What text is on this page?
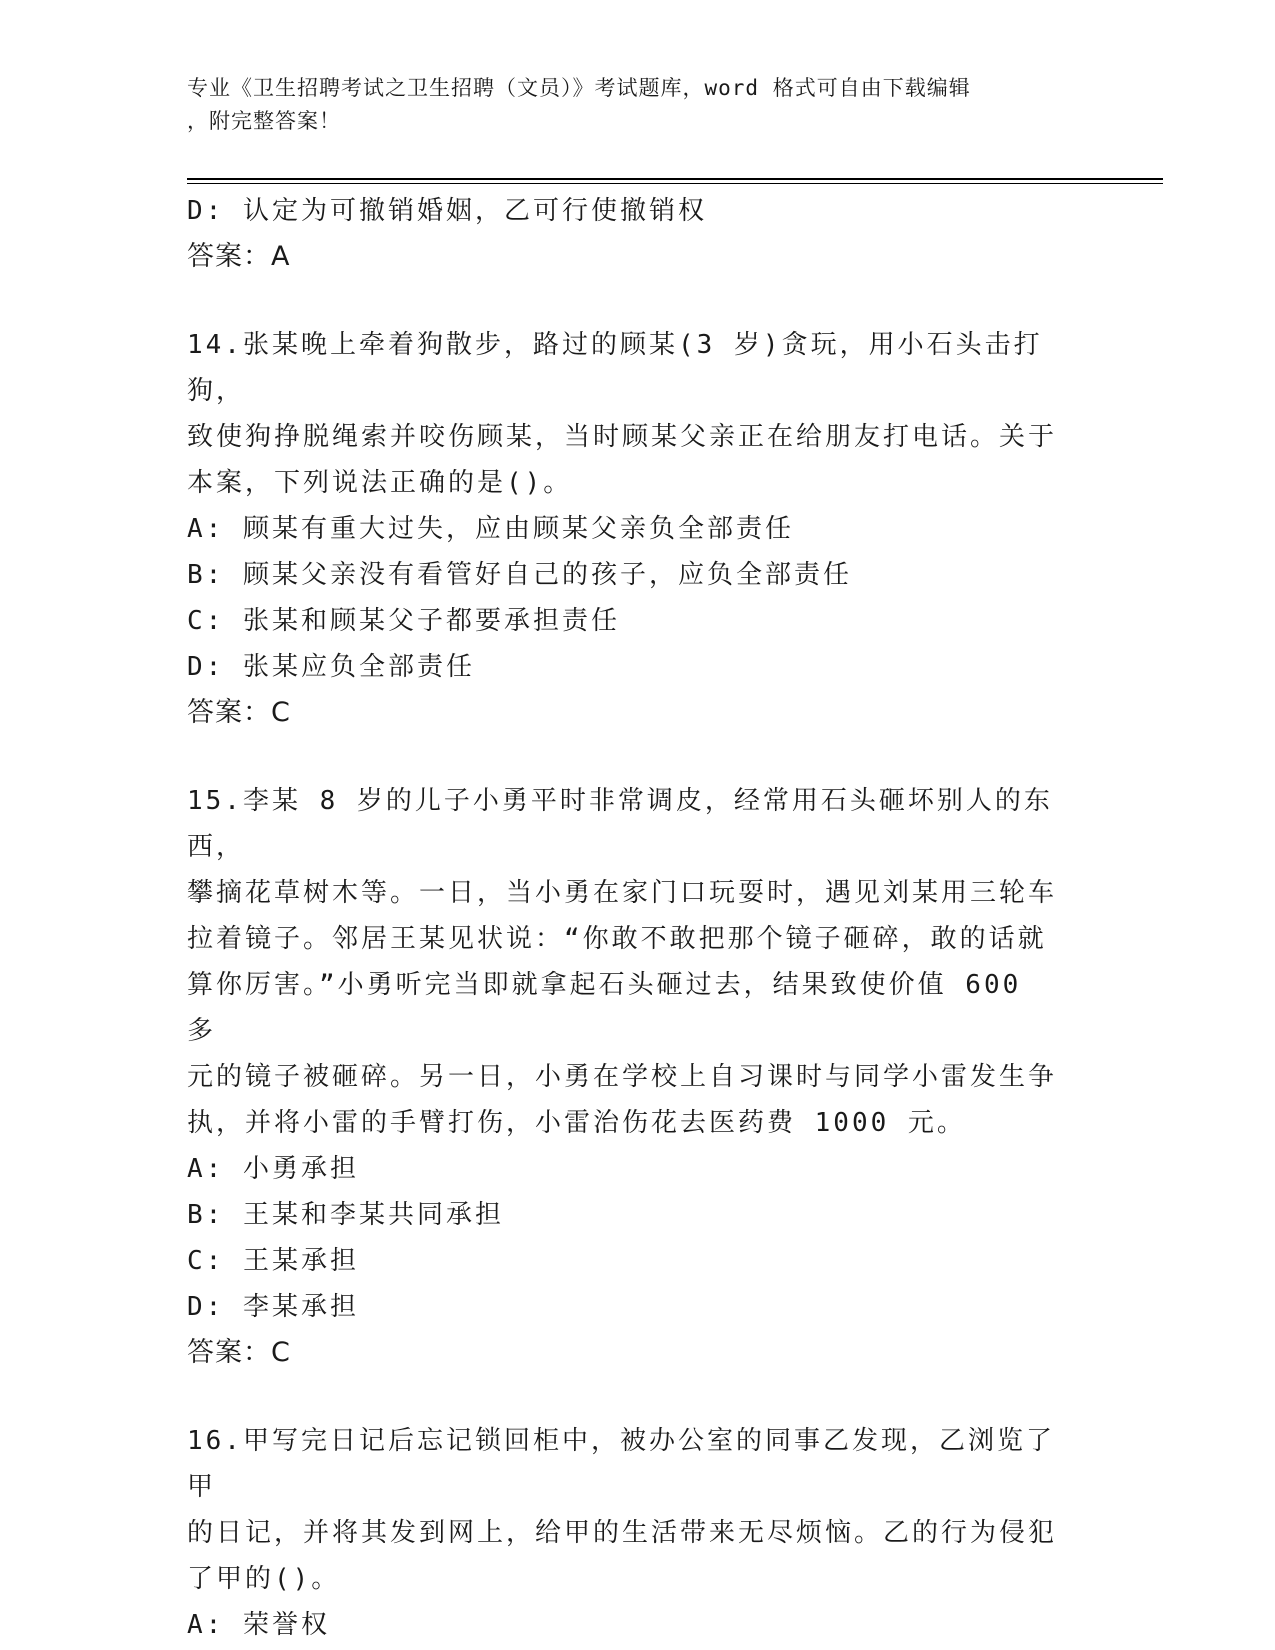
专业《卫生招聘考试之卫生招聘（文员）》考试题库，word 格式可自由下载编辑
，附完整答案！

D: 认定为可撤销婚姻，乙可行使撤销权

答案：A

14.张某晚上牵着狗散步，路过的顾某(3 岁)贪玩，用小石头击打狗，

致使狗挣脱绳索并咬伤顾某，当时顾某父亲正在给朋友打电话。关于

本案，下列说法正确的是()。

A: 顾某有重大过失，应由顾某父亲负全部责任

B: 顾某父亲没有看管好自己的孩子，应负全部责任

C: 张某和顾某父子都要承担责任

D: 张某应负全部责任

答案：C

15.李某 8 岁的儿子小勇平时非常调皮，经常用石头砸坏别人的东西，

攀摘花草树木等。一日，当小勇在家门口玩耍时，遇见刘某用三轮车

拉着镜子。邻居王某见状说：“你敢不敢把那个镜子砸碎，敢的话就

算你厉害。”小勇听完当即就拿起石头砸过去，结果致使价值 600 多

元的镜子被砸碎。另一日，小勇在学校上自习课时与同学小雷发生争

执，并将小雷的手臂打伤，小雷治伤花去医药费 1000 元。

A: 小勇承担

B: 王某和李某共同承担

C: 王某承担

D: 李某承担

答案：C

16.甲写完日记后忘记锁回柜中，被办公室的同事乙发现，乙浏览了甲

的日记，并将其发到网上，给甲的生活带来无尽烦恼。乙的行为侵犯

了甲的()。

A: 荣誉权
